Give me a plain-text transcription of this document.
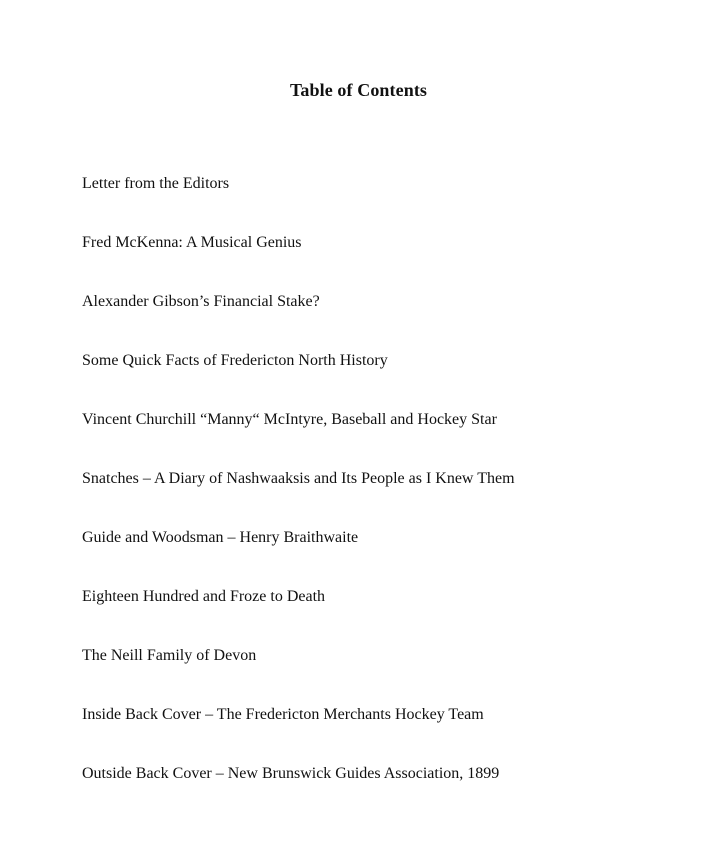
Table of Contents
Letter from the Editors
Fred McKenna: A Musical Genius
Alexander Gibson’s Financial Stake?
Some Quick Facts of Fredericton North History
Vincent Churchill “Manny“ McIntyre, Baseball and Hockey Star
Snatches – A Diary of Nashwaaksis and Its People as I Knew Them
Guide and Woodsman – Henry Braithwaite
Eighteen Hundred and Froze to Death
The Neill Family of Devon
Inside Back Cover – The Fredericton Merchants Hockey Team
Outside Back Cover – New Brunswick Guides Association, 1899
